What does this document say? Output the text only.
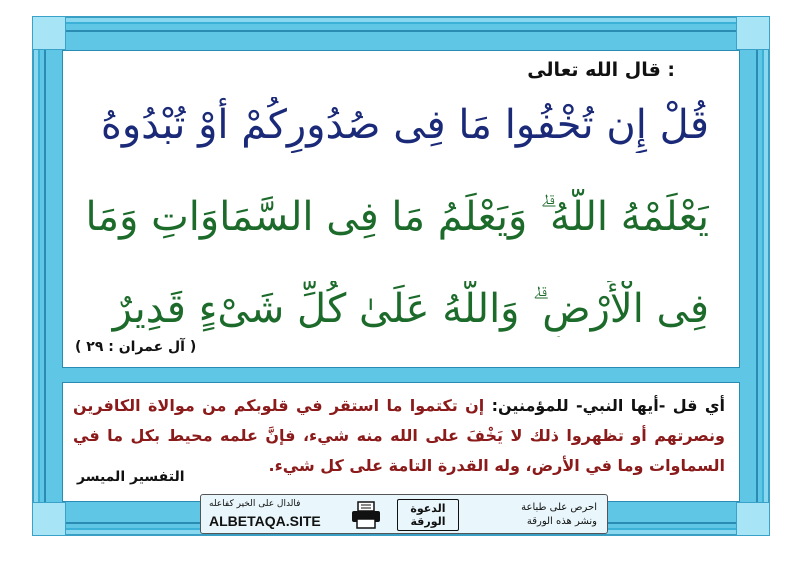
قال الله تعالى :
قُلْ إِن تُخْفُوا مَا فِى صُدُورِكُمْ أَوْ تُبْدُوهُ
يَعْلَمْهُ اللَّهُ ۗ وَيَعْلَمُ مَا فِى السَّمَاوَاتِ وَمَا
فِى الْأَرْضِ ۗ وَاللَّهُ عَلَىٰ كُلِّ شَىْءٍ قَدِيرٌ
( آل عمران : ٢٩ )
أي قل -أيها النبي- للمؤمنين: إن تكتموا ما استقر في قلوبكم من موالاة الكافرين ونصرتهم أو تظهروا ذلك لا يَخْفَ على الله منه شيء، فإنَّ علمه محيط بكل ما في السماوات وما في الأرض، وله القدرة التامة على كل شيء.
التفسير الميسر
فالدال على الخير كفاعله
ALBETAQA.SITE
الدعوة الورقة
احرص على طباعة
ونشر هذه الورقة
